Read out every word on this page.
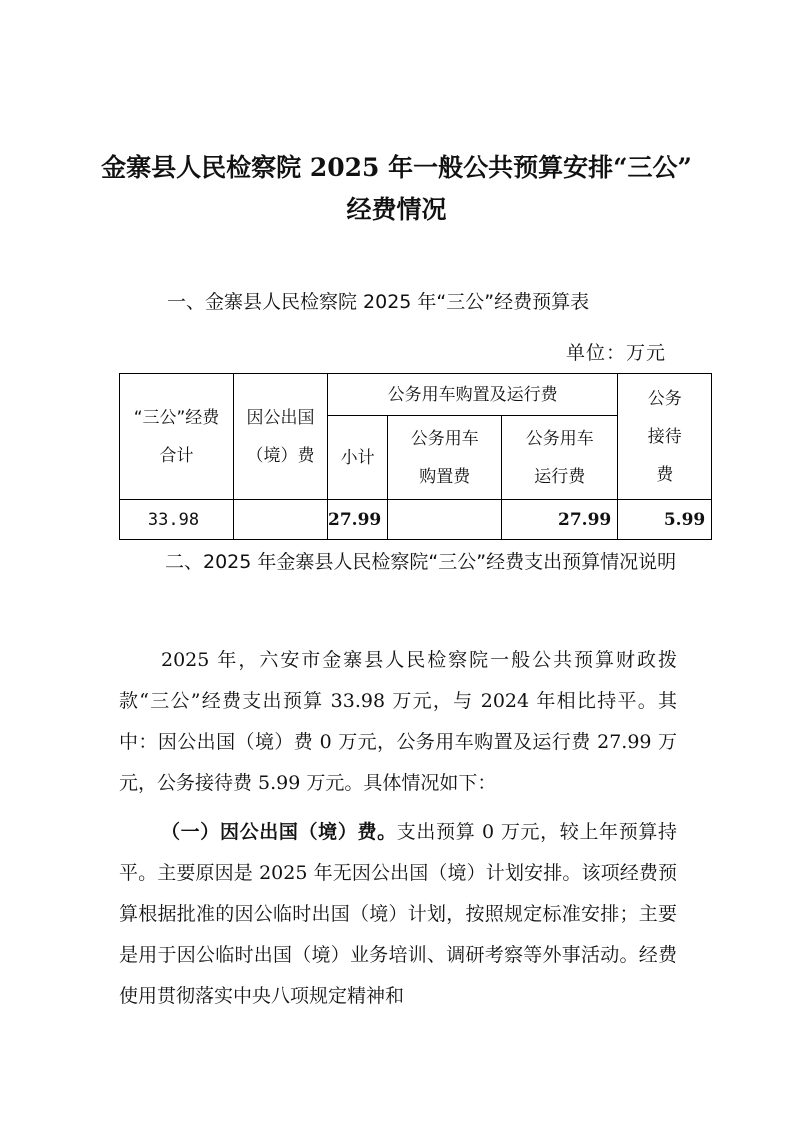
金寨县人民检察院 2025 年一般公共预算安排“三公”
经费情况
一、金寨县人民检察院 2025 年“三公”经费预算表
单位：万元
“三公”经费合计	因公出国（境）费	公务用车购置及运行费			公务接待费
		小计	公务用车购置费	公务用车运行费	
33.98		27.99		27.99	5.99
二、2025 年金寨县人民检察院“三公”经费支出预算情况说明
2025 年，六安市金寨县人民检察院一般公共预算财政拨款“三公”经费支出预算 33.98 万元，与 2024 年相比持平。其中：因公出国（境）费 0 万元，公务用车购置及运行费 27.99 万元，公务接待费 5.99 万元。具体情况如下：
（一）因公出国（境）费。支出预算 0 万元，较上年预算持平。主要原因是 2025 年无因公出国（境）计划安排。该项经费预算根据批准的因公临时出国（境）计划，按照规定标准安排；主要是用于因公临时出国（境）业务培训、调研考察等外事活动。经费使用贯彻落实中央八项规定精神和
